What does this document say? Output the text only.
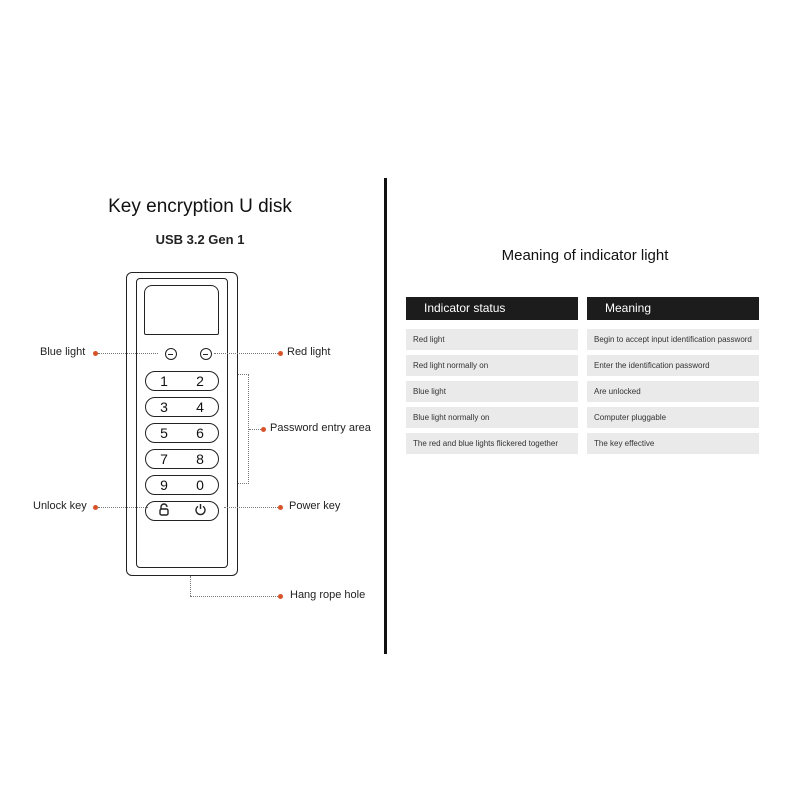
Key encryption U disk
USB 3.2 Gen 1
1	2
3	4
5	6
7	8
9	0
Blue light
Unlock key
Red light
Password entry area
Power key
Hang rope hole
Meaning of indicator light
Indicator status	Meaning
Red light	Begin to accept input identification password
Red light normally on	Enter the identification password
Blue light	Are unlocked
Blue light normally on	Computer pluggable
The red and blue lights flickered together	The key effective
